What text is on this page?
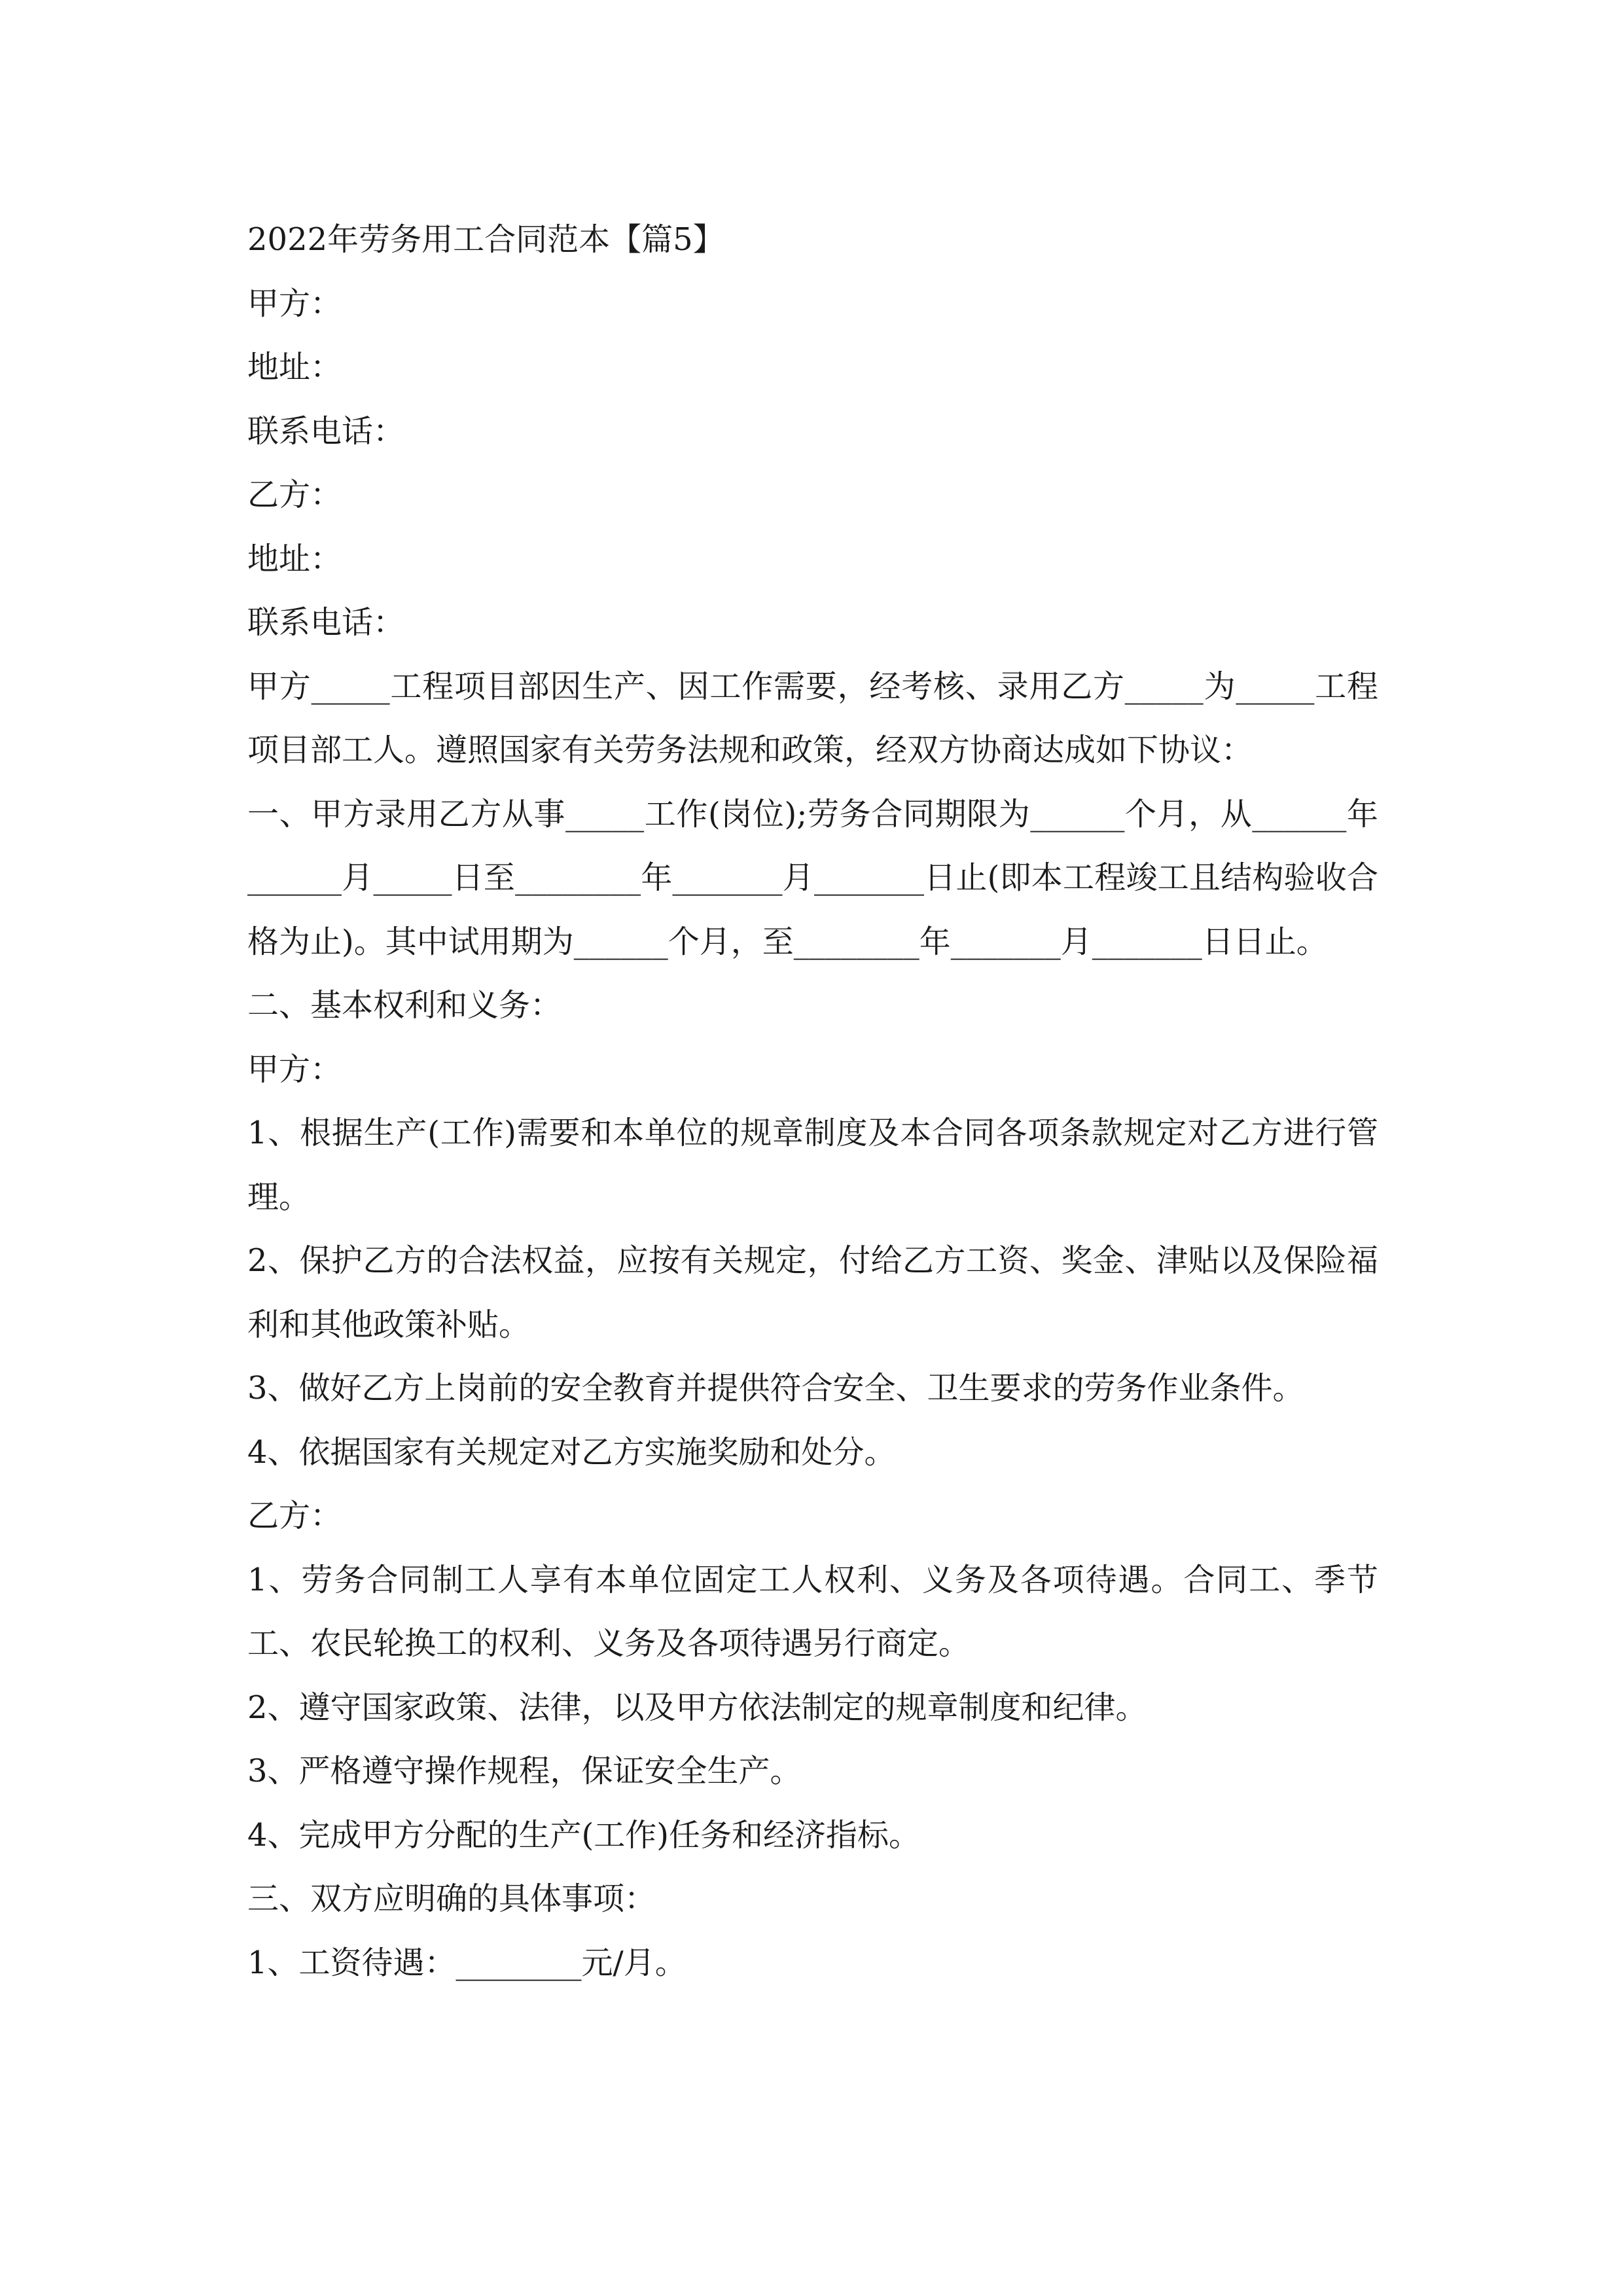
2022年劳务用工合同范本【篇5】

甲方：

地址：

联系电话：

乙方：

地址：

联系电话：

甲方_____工程项目部因生产、因工作需要，经考核、录用乙方_____为_____工程项目部工人。遵照国家有关劳务法规和政策，经双方协商达成如下协议：

一、甲方录用乙方从事_____工作(岗位);劳务合同期限为______个月，从______年______月_____日至________年_______月_______日止(即本工程竣工且结构验收合格为止)。其中试用期为______个月，至________年_______月_______日日止。

二、基本权利和义务：

甲方：

1、根据生产(工作)需要和本单位的规章制度及本合同各项条款规定对乙方进行管理。

2、保护乙方的合法权益，应按有关规定，付给乙方工资、奖金、津贴以及保险福利和其他政策补贴。

3、做好乙方上岗前的安全教育并提供符合安全、卫生要求的劳务作业条件。

4、依据国家有关规定对乙方实施奖励和处分。

乙方：

1、劳务合同制工人享有本单位固定工人权利、义务及各项待遇。合同工、季节工、农民轮换工的权利、义务及各项待遇另行商定。

2、遵守国家政策、法律，以及甲方依法制定的规章制度和纪律。

3、严格遵守操作规程，保证安全生产。

4、完成甲方分配的生产(工作)任务和经济指标。

三、双方应明确的具体事项：

1、工资待遇：________元/月。
